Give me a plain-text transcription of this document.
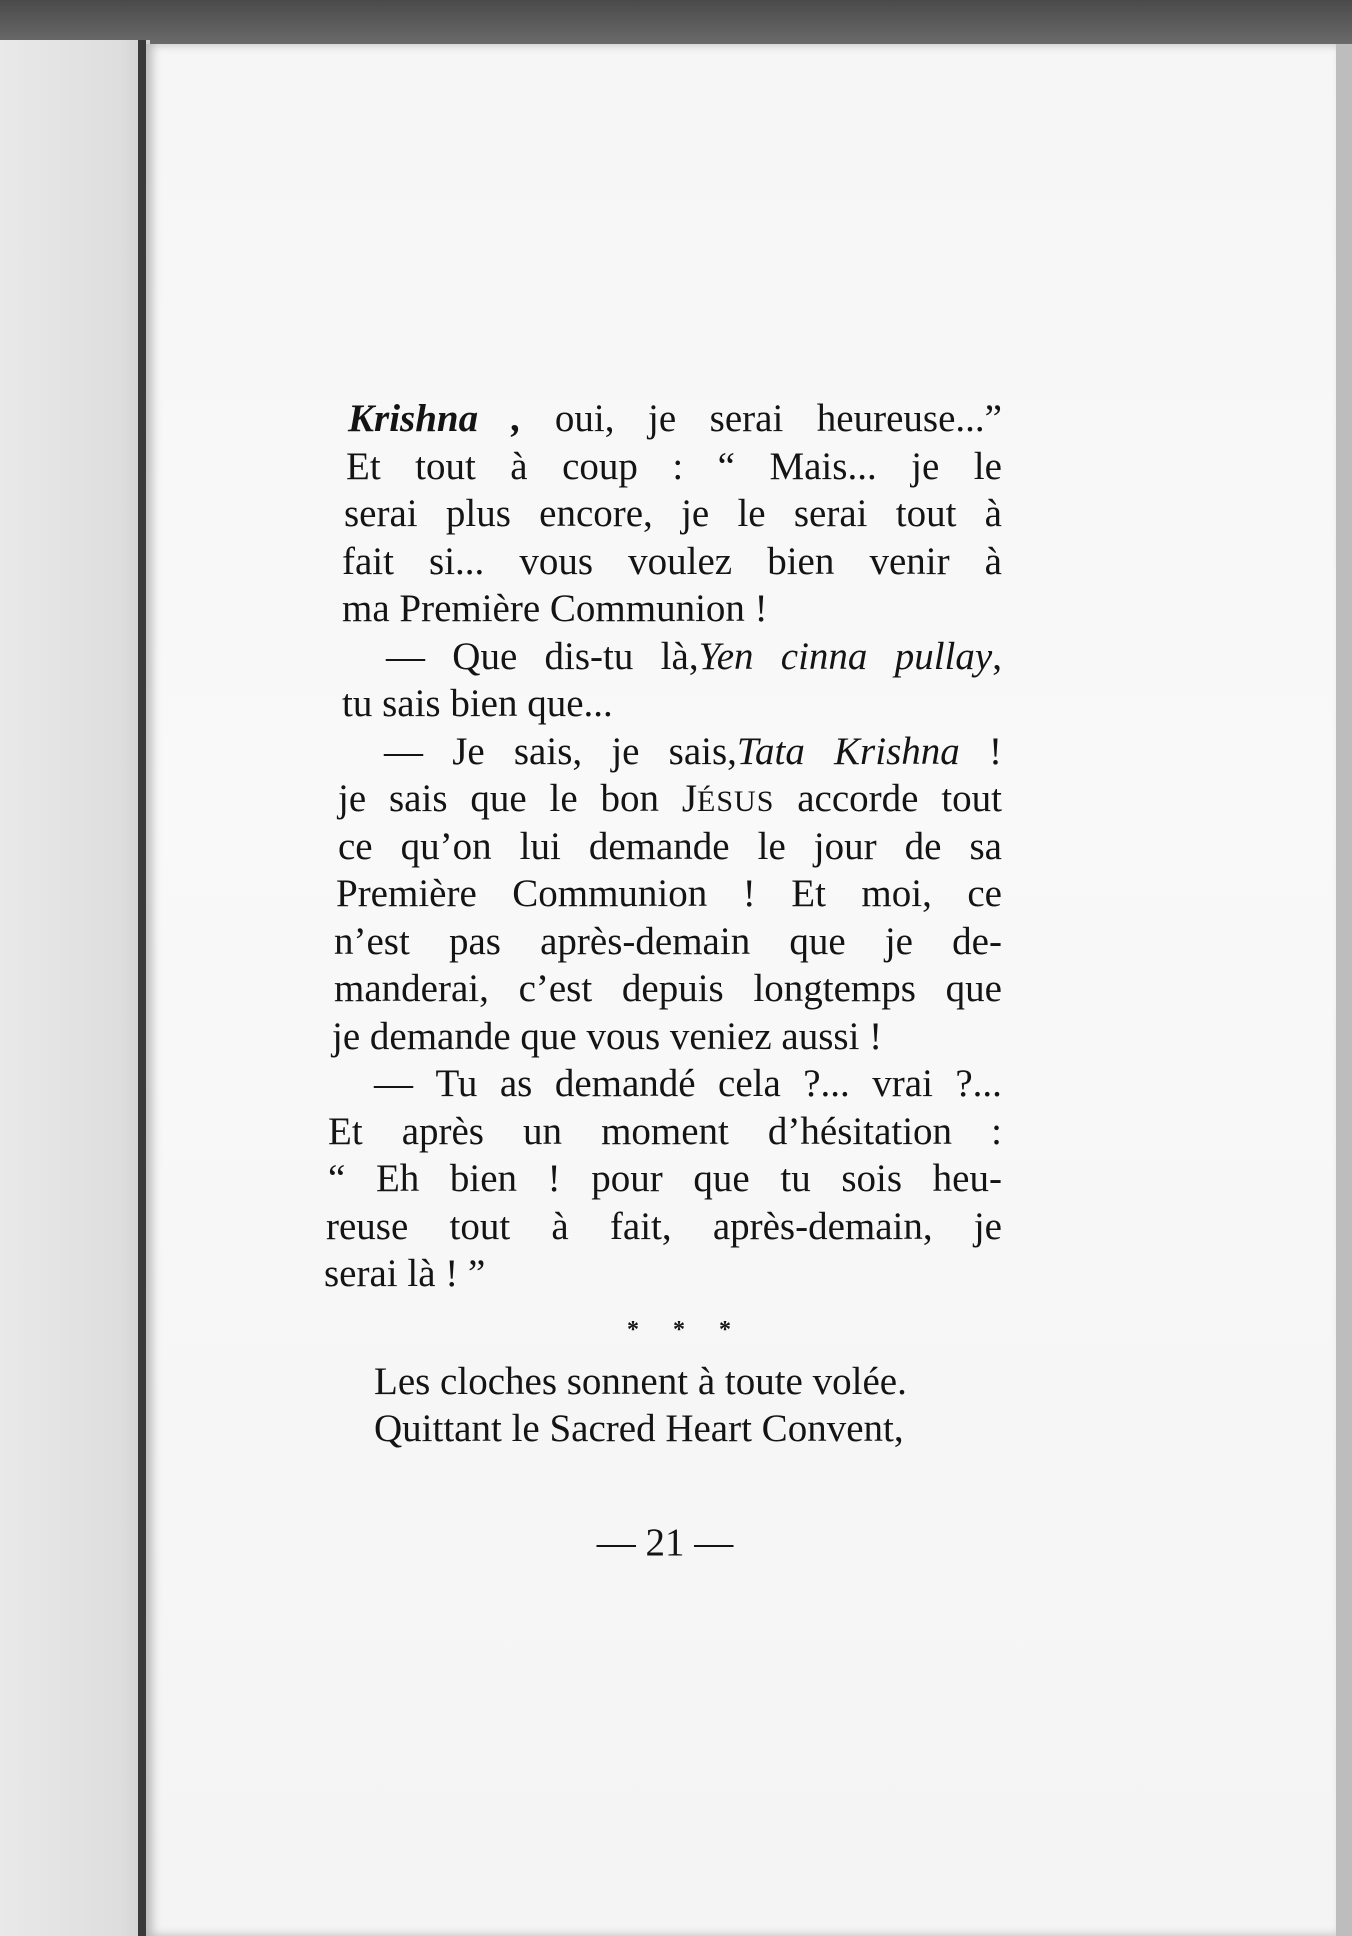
Krishna , oui, je serai heureuse...”
Et tout à coup : “ Mais... je le
serai plus encore, je le serai tout à
fait si... vous voulez bien venir à
ma Première Communion !
— Que dis-tu là,Yen cinna pullay,
tu sais bien que...
— Je sais, je sais,Tata Krishna !
je sais que le bon JÉSUS accorde tout
ce qu’on lui demande le jour de sa
Première Communion ! Et moi, ce
n’est pas après-demain que je de-
manderai, c’est depuis longtemps que
je demande que vous veniez aussi !
— Tu as demandé cela ?... vrai ?...
Et après un moment d’hésitation :
“ Eh bien ! pour que tu sois heu-
reuse tout à fait, après-demain, je
serai là ! ”
* * *
Les cloches sonnent à toute volée.
Quittant le Sacred Heart Convent,
— 21 —
